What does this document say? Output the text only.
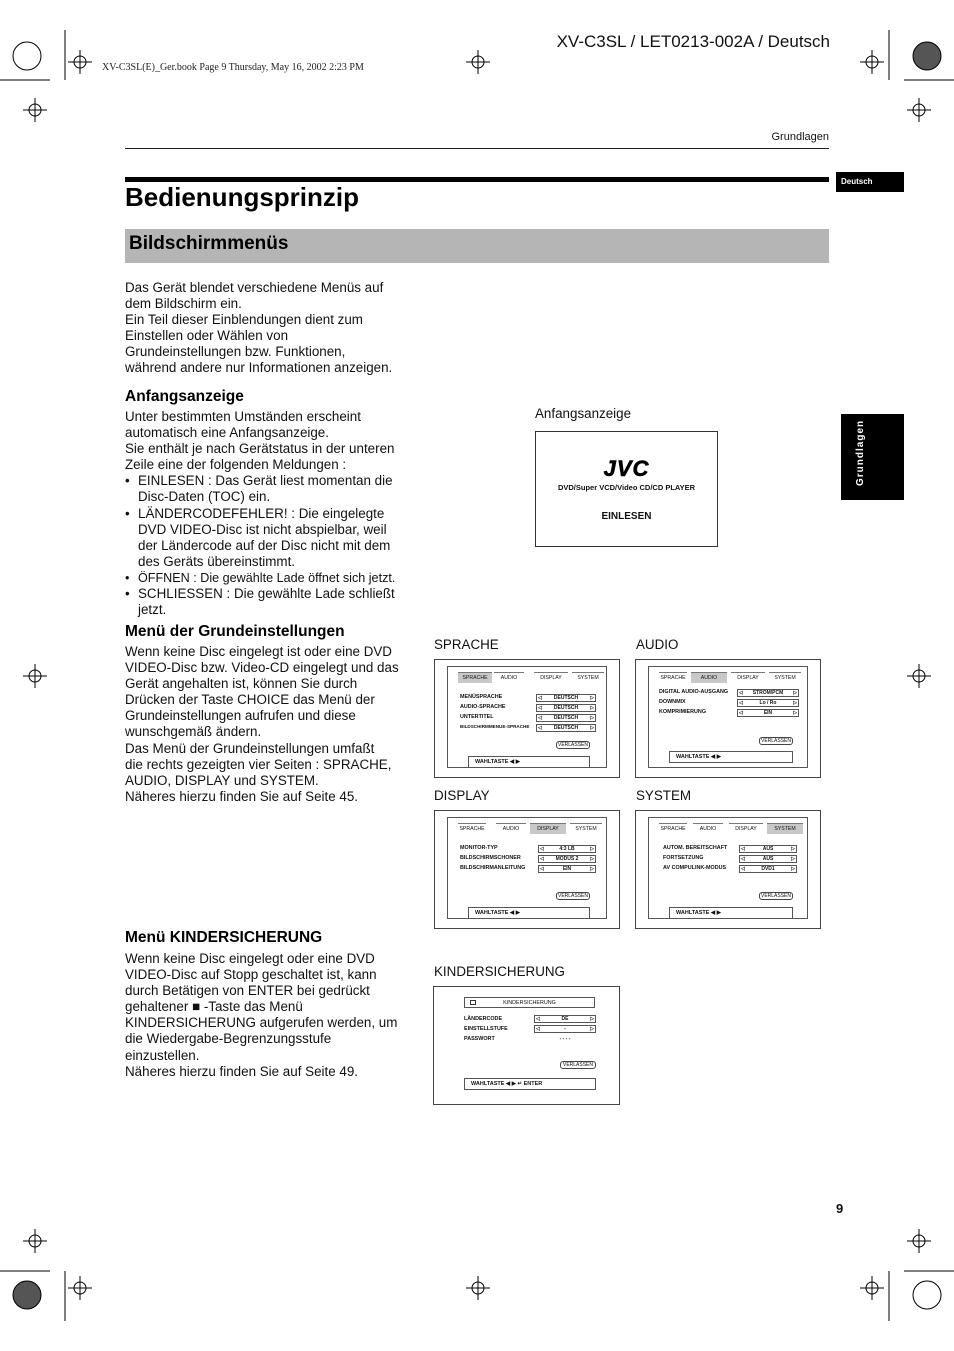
XV-C3SL / LET0213-002A / Deutsch
XV-C3SL(E)_Ger.book Page 9 Thursday, May 16, 2002 2:23 PM
Grundlagen
Deutsch
Grundlagen
Bedienungsprinzip
Bildschirmmenüs
Das Gerät blendet verschiedene Menüs auf
dem Bildschirm ein.
Ein Teil dieser Einblendungen dient zum
Einstellen oder Wählen von
Grundeinstellungen bzw. Funktionen,
während andere nur Informationen anzeigen.
Anfangsanzeige
Unter bestimmten Umständen erscheint
automatisch eine Anfangsanzeige.
Sie enthält je nach Gerätstatus in der unteren
Zeile eine der folgenden Meldungen :
• EINLESEN : Das Gerät liest momentan die
Disc-Daten (TOC) ein.
• LÄNDERCODEFEHLER! : Die eingelegte
DVD VIDEO-Disc ist nicht abspielbar, weil
der Ländercode auf der Disc nicht mit dem
des Geräts übereinstimmt.
• ÖFFNEN : Die gewählte Lade öffnet sich jetzt.
• SCHLIESSEN : Die gewählte Lade schließt
jetzt.
Menü der Grundeinstellungen
Wenn keine Disc eingelegt ist oder eine DVD
VIDEO-Disc bzw. Video-CD eingelegt und das
Gerät angehalten ist, können Sie durch
Drücken der Taste CHOICE das Menü der
Grundeinstellungen aufrufen und diese
wunschgemäß ändern.
Das Menü der Grundeinstellungen umfaßt
die rechts gezeigten vier Seiten : SPRACHE,
AUDIO, DISPLAY und SYSTEM.
Näheres hierzu finden Sie auf Seite 45.
Menü KINDERSICHERUNG
Wenn keine Disc eingelegt oder eine DVD
VIDEO-Disc auf Stopp geschaltet ist, kann
durch Betätigen von ENTER bei gedrückt
gehaltener ■ -Taste das Menü
KINDERSICHERUNG aufgerufen werden, um
die Wiedergabe-Begrenzungsstufe
einzustellen.
Näheres hierzu finden Sie auf Seite 49.
Anfangsanzeige
JVC
DVD/Super VCD/Video CD/CD PLAYER
EINLESEN
SPRACHE
SPRACHE	AUDIO	DISPLAY	SYSTEM
MENÜSPRACHE	◁ DEUTSCH ▷
AUDIO-SPRACHE	◁ DEUTSCH ▷
UNTERTITEL	◁ DEUTSCH ▷
BILDSCHIRMMENUE-SPRACHE	◁ DEUTSCH ▷
VERLASSEN
WAHLTASTE ◀ ▶
AUDIO
SPRACHE	AUDIO	DISPLAY	SYSTEM
DIGITAL AUDIO-AUSGANG	◁ STROM/PCM ▷
DOWNMIX	◁ Lo / Ro ▷
KOMPRIMIERUNG	◁ EIN ▷
VERLASSEN
WAHLTASTE ◀ ▶
DISPLAY
SPRACHE	AUDIO	DISPLAY	SYSTEM
MONITOR-TYP	◁ 4:3 LB ▷
BILDSCHIRMSCHONER	◁ MODUS 2 ▷
BILDSCHIRMANLEITUNG	◁ EIN ▷
VERLASSEN
WAHLTASTE ◀ ▶
SYSTEM
SPRACHE	AUDIO	DISPLAY	SYSTEM
AUTOM. BEREITSCHAFT	◁ AUS ▷
FORTSETZUNG	◁ AUS ▷
AV COMPULINK-MODUS	◁ DVD1 ▷
VERLASSEN
WAHLTASTE ◀ ▶
KINDERSICHERUNG
KINDERSICHERUNG
LÄNDERCODE	◁ DE ▷
EINSTELLSTUFE	◁ - ▷
PASSWORT	- - - -
VERLASSEN
WAHLTASTE ◀ ▶ ↵ ENTER
9
